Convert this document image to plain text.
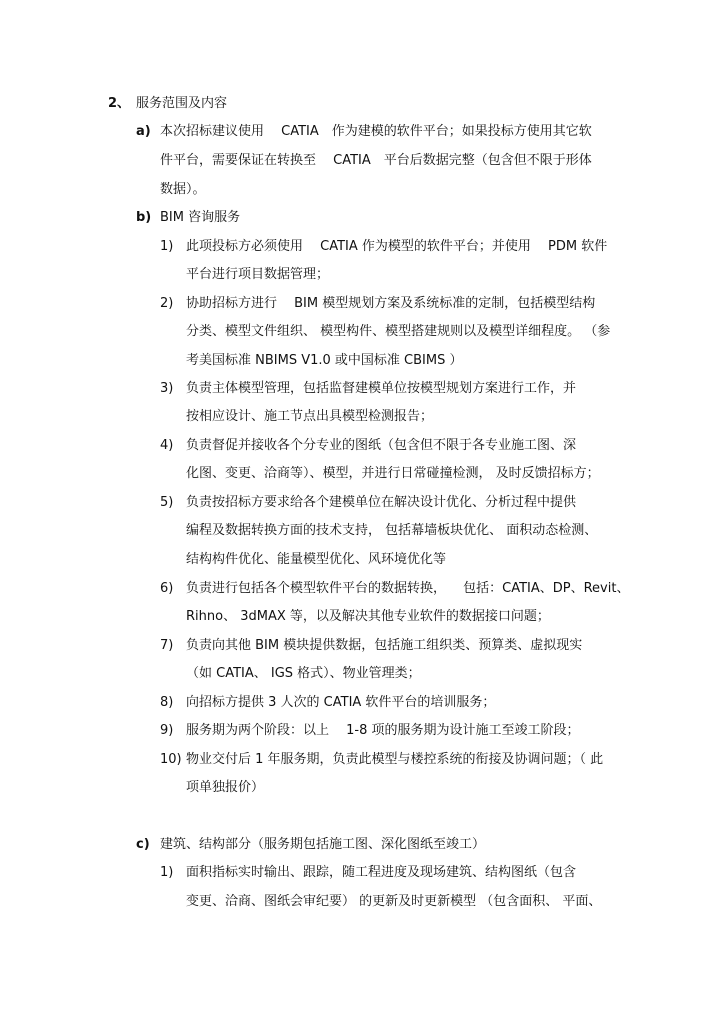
2、 服务范围及内容
a) 本次招标建议使用 　CATIA　作为建模的软件平台；如果投标方使用其它软
件平台，需要保证在转换至 　CATIA　平台后数据完整（包含但不限于形体
数据）。
b) BIM 咨询服务
1) 此项投标方必须使用 　CATIA 作为模型的软件平台；并使用 　PDM 软件
平台进行项目数据管理；
2) 协助招标方进行 　BIM 模型规划方案及系统标准的定制，包括模型结构
分类、模型文件组织、 模型构件、模型搭建规则以及模型详细程度。 （参
考美国标准 NBIMS V1.0 或中国标准 CBIMS ）
3) 负责主体模型管理，包括监督建模单位按模型规划方案进行工作，并
按相应设计、施工节点出具模型检测报告；
4) 负责督促并接收各个分专业的图纸（包含但不限于各专业施工图、深
化图、变更、洽商等）、模型，并进行日常碰撞检测， 及时反馈招标方；
5) 负责按招标方要求给各个建模单位在解决设计优化、分析过程中提供
编程及数据转换方面的技术支持， 包括幕墙板块优化、 面积动态检测、
结构构件优化、能量模型优化、风环境优化等
6) 负责进行包括各个模型软件平台的数据转换， 　包括：CATIA、DP、Revit、
Rihno、 3dMAX 等，以及解决其他专业软件的数据接口问题；
7) 负责向其他 BIM 模块提供数据，包括施工组织类、预算类、虚拟现实
（如 CATIA、 IGS 格式）、物业管理类；
8) 向招标方提供 3 人次的 CATIA 软件平台的培训服务；
9) 服务期为两个阶段：以上 　1-8 项的服务期为设计施工至竣工阶段；
10) 物业交付后 1 年服务期，负责此模型与楼控系统的衔接及协调问题；（ 此
项单独报价）
c) 建筑、结构部分（服务期包括施工图、深化图纸至竣工）
1) 面积指标实时输出、跟踪，随工程进度及现场建筑、结构图纸（包含
变更、洽商、图纸会审纪要） 的更新及时更新模型 （包含面积、 平面、
